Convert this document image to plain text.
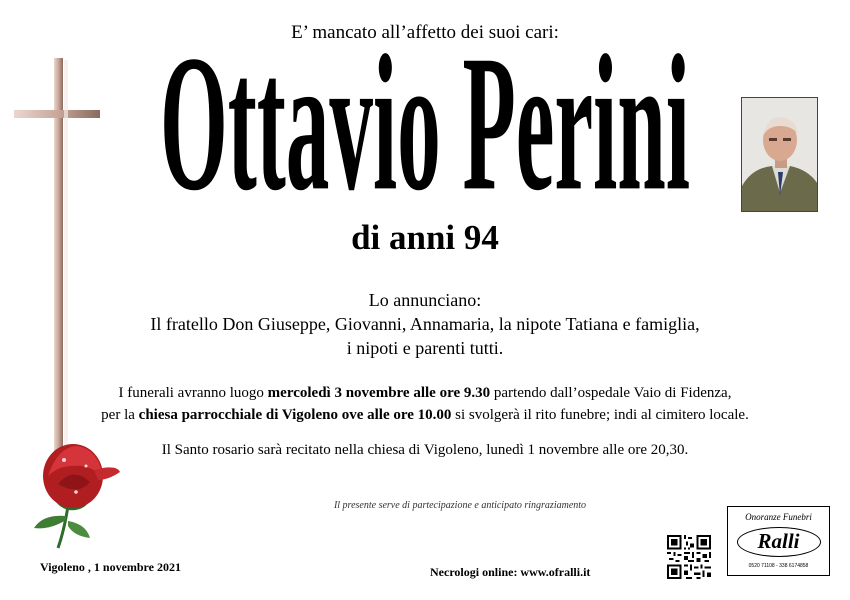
E’ mancato all’affetto dei suoi cari:
Ottavio Perini
di anni 94
Lo annunciano:
Il fratello Don Giuseppe, Giovanni, Annamaria, la nipote Tatiana e famiglia,
i nipoti e parenti tutti.
I funerali avranno luogo mercoledì 3 novembre alle ore 9.30 partendo dall’ospedale Vaio di Fidenza,
per la chiesa parrocchiale di Vigoleno ove alle ore 10.00 si svolgerà il rito funebre; indi al cimitero locale.
Il Santo rosario sarà recitato nella chiesa di Vigoleno, lunedì 1 novembre alle ore 20,30.
Il presente serve di partecipazione e anticipato ringraziamento
Vigoleno , 1 novembre 2021	Necrologi online: www.ofralli.it
Onoranze Funebri
Ralli
0520 71108 - 338 6174858
